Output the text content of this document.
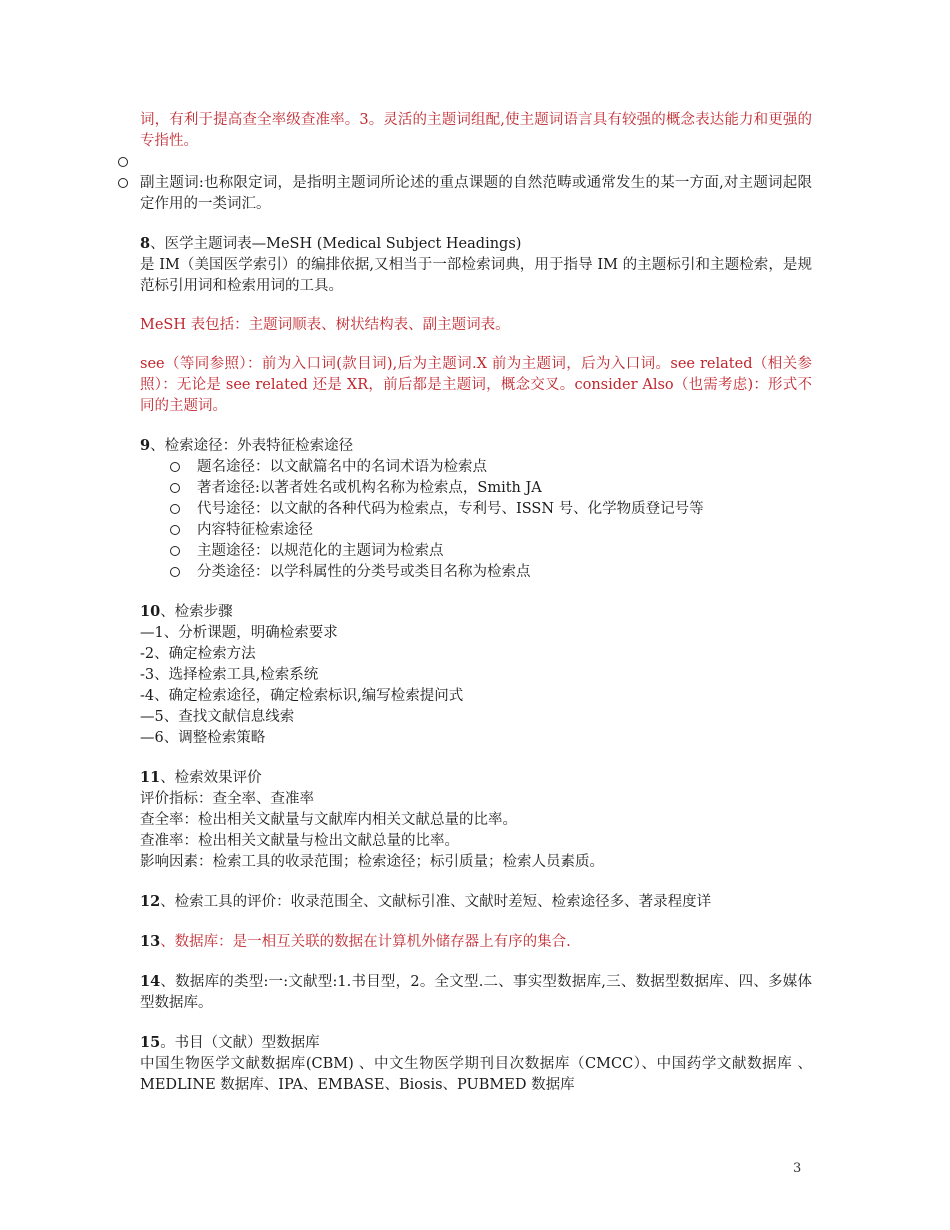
词，有利于提高查全率级查准率。3。灵活的主题词组配,使主题词语言具有较强的概念表达能力和更强的专指性。

副主题词:也称限定词，是指明主题词所论述的重点课题的自然范畴或通常发生的某一方面,对主题词起限定作用的一类词汇。

8、医学主题词表—MeSH (Medical Subject Headings)

是 IM（美国医学索引）的编排依据,又相当于一部检索词典，用于指导 IM 的主题标引和主题检索，是规范标引用词和检索用词的工具。

MeSH 表包括：主题词顺表、树状结构表、副主题词表。

see（等同参照）：前为入口词(款目词),后为主题词.X 前为主题词，后为入口词。see related（相关参照）：无论是 see related 还是 XR，前后都是主题词，概念交叉。consider Also（也需考虑)：形式不同的主题词。

9、检索途径：外表特征检索途径

题名途径：以文献篇名中的名词术语为检索点
著者途径:以著者姓名或机构名称为检索点，Smith JA
代号途径：以文献的各种代码为检索点，专利号、ISSN 号、化学物质登记号等
内容特征检索途径
主题途径：以规范化的主题词为检索点
分类途径：以学科属性的分类号或类目名称为检索点

10、检索步骤

—1、分析课题，明确检索要求

-2、确定检索方法

-3、选择检索工具,检索系统

-4、确定检索途径，确定检索标识,编写检索提问式

—5、查找文献信息线索

—6、调整检索策略

11、检索效果评价

评价指标：查全率、查准率

查全率：检出相关文献量与文献库内相关文献总量的比率。

查准率：检出相关文献量与检出文献总量的比率。

影响因素：检索工具的收录范围；检索途径；标引质量；检索人员素质。

12、检索工具的评价：收录范围全、文献标引准、文献时差短、检索途径多、著录程度详

13、数据库：是一相互关联的数据在计算机外储存器上有序的集合.

14、数据库的类型:一:文献型:1.书目型，2。全文型.二、事实型数据库,三、数据型数据库、四、多媒体型数据库。

15。书目（文献）型数据库

中国生物医学文献数据库(CBM) 、中文生物医学期刊目次数据库（CMCC）、中国药学文献数据库 、MEDLINE 数据库、IPA、EMBASE、Biosis、PUBMED 数据库

3
